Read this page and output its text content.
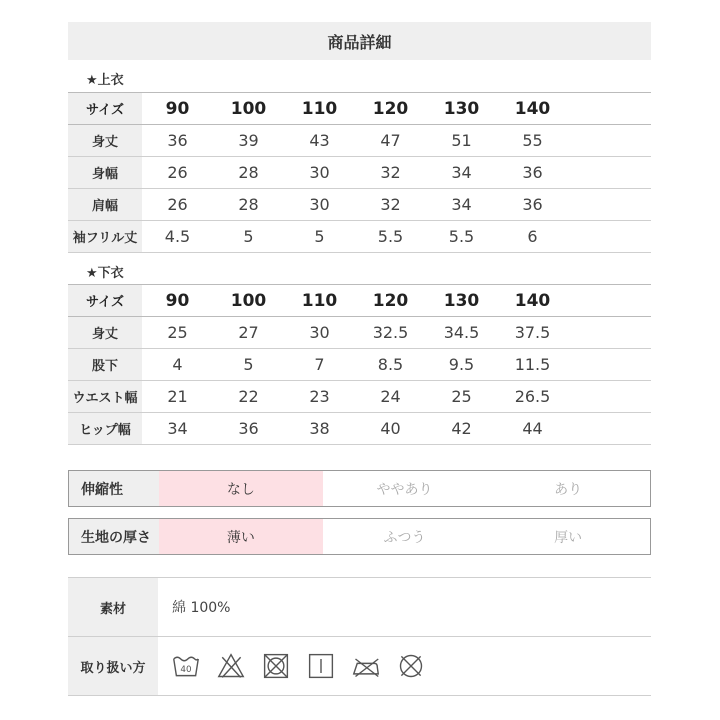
商品詳細
★上衣
サイズ	90	100	110	120	130	140	
身丈	36	39	43	47	51	55	
身幅	26	28	30	32	34	36	
肩幅	26	28	30	32	34	36	
袖フリル丈	4.5	5	5	5.5	5.5	6	
★下衣
サイズ	90	100	110	120	130	140	
身丈	25	27	30	32.5	34.5	37.5	
股下	4	5	7	8.5	9.5	11.5	
ウエスト幅	21	22	23	24	25	26.5	
ヒップ幅	34	36	38	40	42	44	
伸縮性	なし	ややあり	あり
生地の厚さ	薄い	ふつう	厚い
素材	綿 100%
取り扱い方	40
